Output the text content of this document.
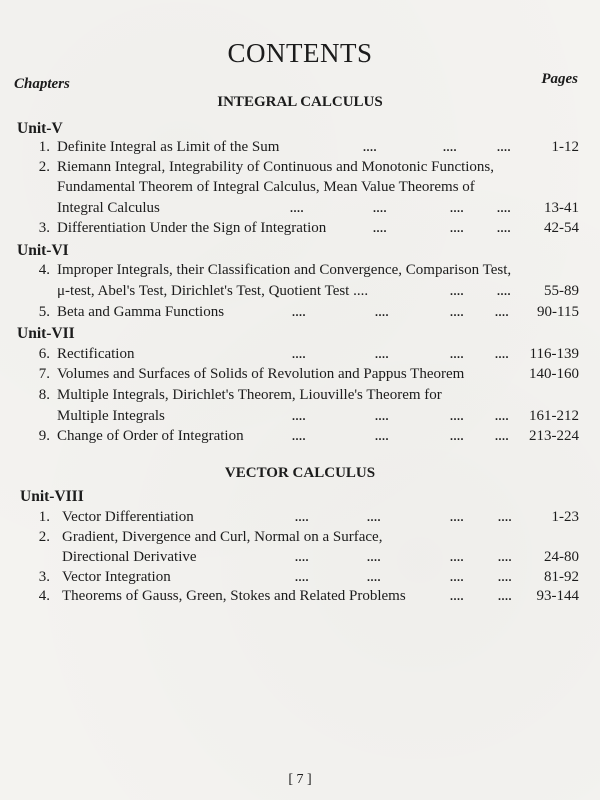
CONTENTS
Chapters	Pages
INTEGRAL CALCULUS
Unit-V
1. Definite Integral as Limit of the Sum	....	....	....	1-12
2. Riemann Integral, Integrability of Continuous and Monotonic Functions,
Fundamental Theorem of Integral Calculus, Mean Value Theorems of
Integral Calculus	....	....	....	.... 13-41
3. Differentiation Under the Sign of Integration	....	....	.... 42-54
Unit-VI
4. Improper Integrals, their Classification and Convergence, Comparison Test,
μ-test, Abel's Test, Dirichlet's Test, Quotient Test ....	....	.... 55-89
5. Beta and Gamma Functions	....	....	....	.... 90-115
Unit-VII
6. Rectification	....	....	....	.... 116-139
7. Volumes and Surfaces of Solids of Revolution and Pappus Theorem	140-160
8. Multiple Integrals, Dirichlet's Theorem, Liouville's Theorem for
Multiple Integrals	....	....	....	.... 161-212
9. Change of Order of Integration	....	....	....	.... 213-224
VECTOR CALCULUS
Unit-VIII
1. Vector Differentiation	....	....	....	....	1-23
2. Gradient, Divergence and Curl, Normal on a Surface,
Directional Derivative	....	....	....	.... 24-80
3. Vector Integration	....	....	....	.... 81-92
4. Theorems of Gauss, Green, Stokes and Related Problems	....	.... 93-144
[ 7 ]
